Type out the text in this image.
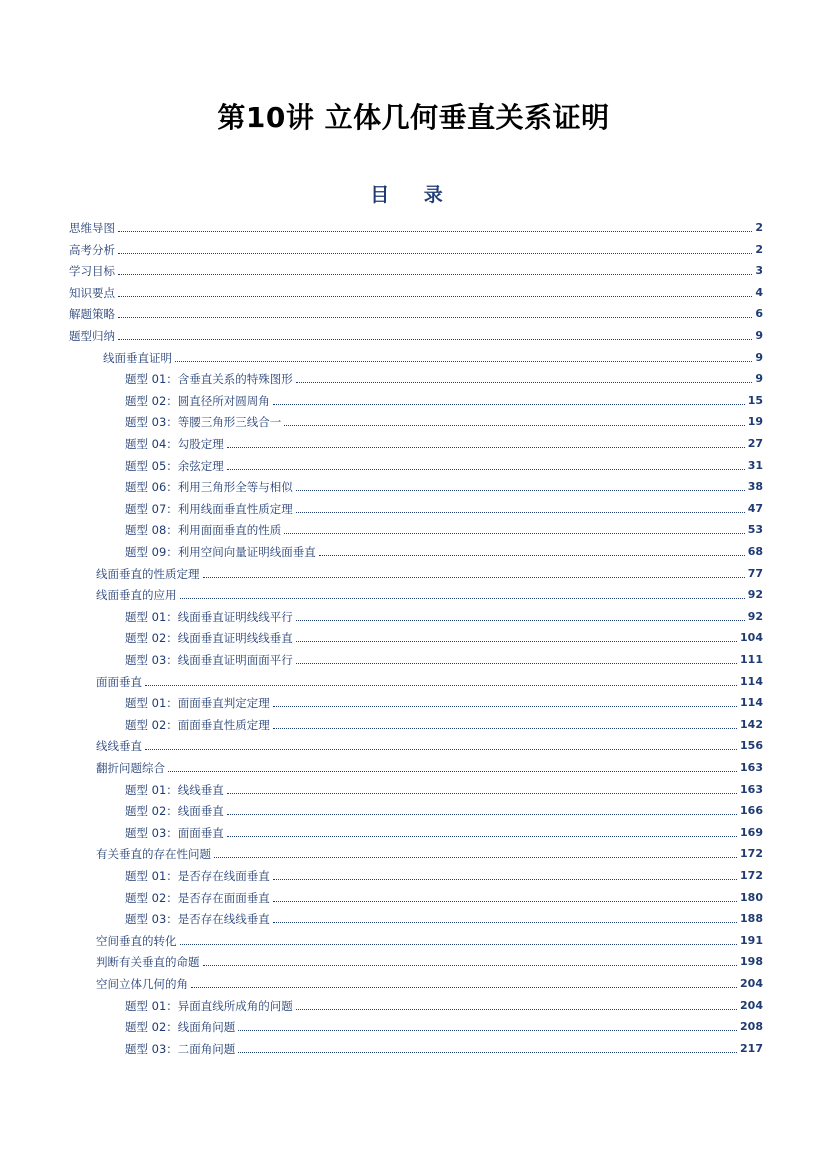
第10讲 立体几何垂直关系证明
目 录
思维导图	2
高考分析	2
学习目标	3
知识要点	4
解题策略	6
题型归纳	9
线面垂直证明	9
题型 01：含垂直关系的特殊图形	9
题型 02：圆直径所对圆周角	15
题型 03：等腰三角形三线合一	19
题型 04：勾股定理	27
题型 05：余弦定理	31
题型 06：利用三角形全等与相似	38
题型 07：利用线面垂直性质定理	47
题型 08：利用面面垂直的性质	53
题型 09：利用空间向量证明线面垂直	68
线面垂直的性质定理	77
线面垂直的应用	92
题型 01：线面垂直证明线线平行	92
题型 02：线面垂直证明线线垂直	104
题型 03：线面垂直证明面面平行	111
面面垂直	114
题型 01：面面垂直判定定理	114
题型 02：面面垂直性质定理	142
线线垂直	156
翻折问题综合	163
题型 01：线线垂直	163
题型 02：线面垂直	166
题型 03：面面垂直	169
有关垂直的存在性问题	172
题型 01：是否存在线面垂直	172
题型 02：是否存在面面垂直	180
题型 03：是否存在线线垂直	188
空间垂直的转化	191
判断有关垂直的命题	198
空间立体几何的角	204
题型 01：异面直线所成角的问题	204
题型 02：线面角问题	208
题型 03：二面角问题	217
